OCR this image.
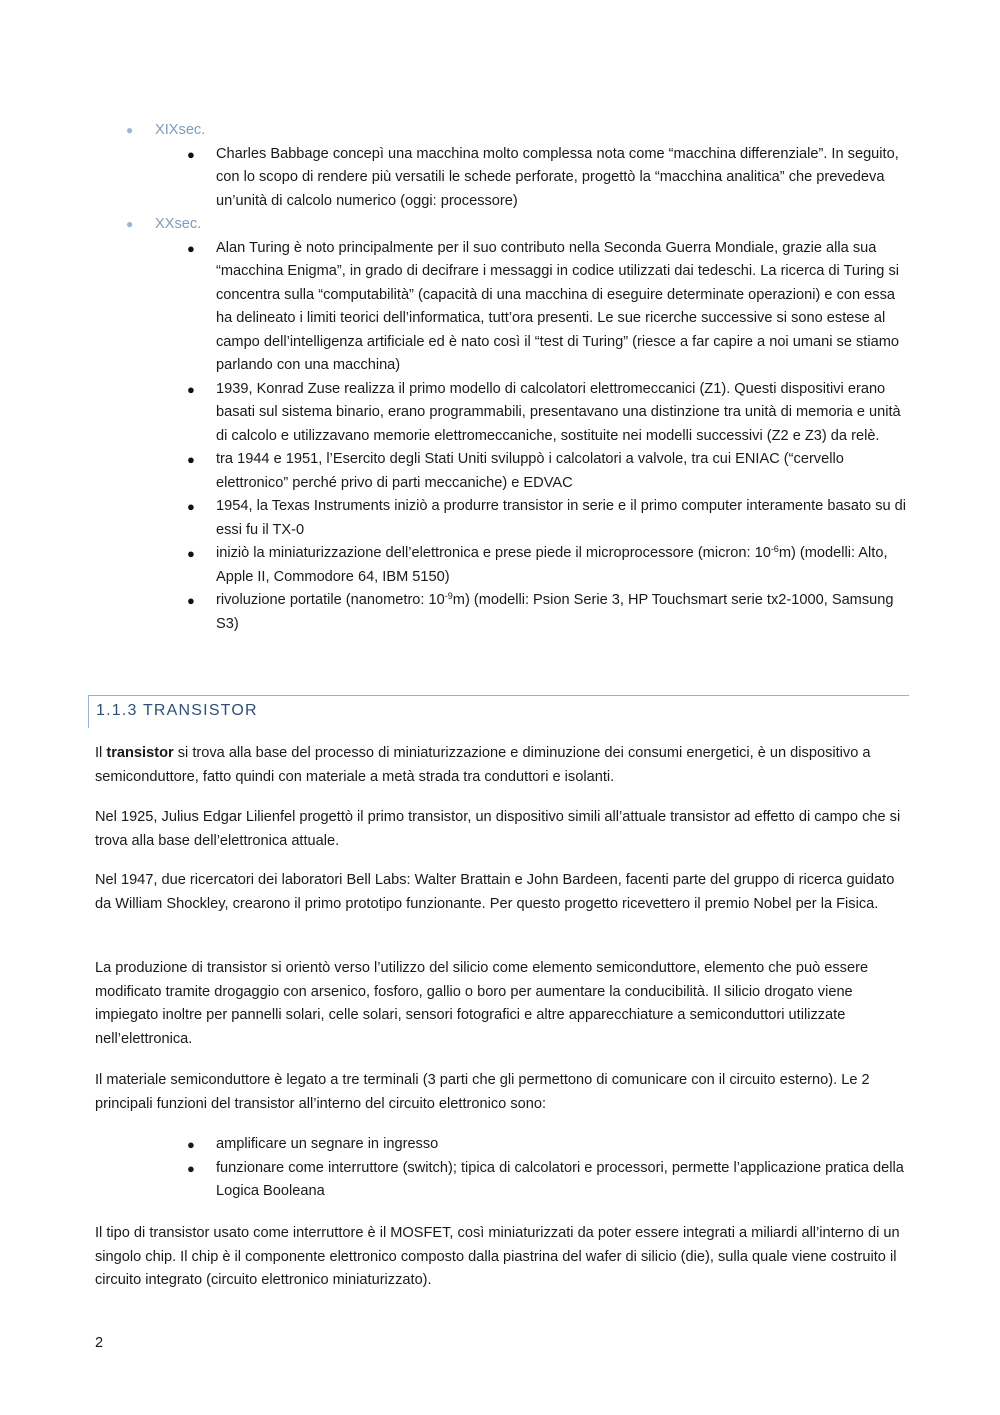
● XIXsec.
● Charles Babbage concepì una macchina molto complessa nota come “macchina differenziale”. In seguito, con lo scopo di rendere più versatili le schede perforate, progettò la “macchina analitica” che prevedeva un’unità di calcolo numerico (oggi: processore)
● XXsec.
● Alan Turing è noto principalmente per il suo contributo nella Seconda Guerra Mondiale, grazie alla sua “macchina Enigma”, in grado di decifrare i messaggi in codice utilizzati dai tedeschi. La ricerca di Turing si concentra sulla “computabilità” (capacità di una macchina di eseguire determinate operazioni) e con essa ha delineato i limiti teorici dell’informatica, tutt’ora presenti. Le sue ricerche successive si sono estese al campo dell’intelligenza artificiale ed è nato così il “test di Turing” (riesce a far capire a noi umani se stiamo parlando con una macchina)
● 1939, Konrad Zuse realizza il primo modello di calcolatori elettromeccanici (Z1). Questi dispositivi erano basati sul sistema binario, erano programmabili, presentavano una distinzione tra unità di memoria e unità di calcolo e utilizzavano memorie elettromeccaniche, sostituite nei modelli successivi (Z2 e Z3) da relè.
● tra 1944 e 1951, l’Esercito degli Stati Uniti sviluppò i calcolatori a valvole, tra cui ENIAC (“cervello elettronico” perché privo di parti meccaniche) e EDVAC
● 1954, la Texas Instruments iniziò a produrre transistor in serie e il primo computer interamente basato su di essi fu il TX-0
● iniziò la miniaturizzazione dell’elettronica e prese piede il microprocessore (micron: $10^{-6}m$) (modelli: Alto, Apple II, Commodore 64, IBM 5150)
● rivoluzione portatile (nanometro: $10^{-9}m$) (modelli: Psion Serie 3, HP Touchsmart serie tx2-1000, Samsung S3)
1.1.3 TRANSISTOR
Il transistor si trova alla base del processo di miniaturizzazione e diminuzione dei consumi energetici, è un dispositivo a semiconduttore, fatto quindi con materiale a metà strada tra conduttori e isolanti.
Nel 1925, Julius Edgar Lilienfel progettò il primo transistor, un dispositivo simili all’attuale transistor ad effetto di campo che si trova alla base dell’elettronica attuale.
Nel 1947, due ricercatori dei laboratori Bell Labs: Walter Brattain e John Bardeen, facenti parte del gruppo di ricerca guidato da William Shockley, crearono il primo prototipo funzionante. Per questo progetto ricevettero il premio Nobel per la Fisica.
La produzione di transistor si orientò verso l’utilizzo del silicio come elemento semiconduttore, elemento che può essere modificato tramite drogaggio con arsenico, fosforo, gallio o boro per aumentare la conducibilità. Il silicio drogato viene impiegato inoltre per pannelli solari, celle solari, sensori fotografici e altre apparecchiature a semiconduttori utilizzate nell’elettronica.
Il materiale semiconduttore è legato a tre terminali (3 parti che gli permettono di comunicare con il circuito esterno). Le 2 principali funzioni del transistor all’interno del circuito elettronico sono:
● amplificare un segnare in ingresso
● funzionare come interruttore (switch); tipica di calcolatori e processori, permette l’applicazione pratica della Logica Booleana
Il tipo di transistor usato come interruttore è il MOSFET, così miniaturizzati da poter essere integrati a miliardi all’interno di un singolo chip. Il chip è il componente elettronico composto dalla piastrina del wafer di silicio (die), sulla quale viene costruito il circuito integrato (circuito elettronico miniaturizzato).
2
